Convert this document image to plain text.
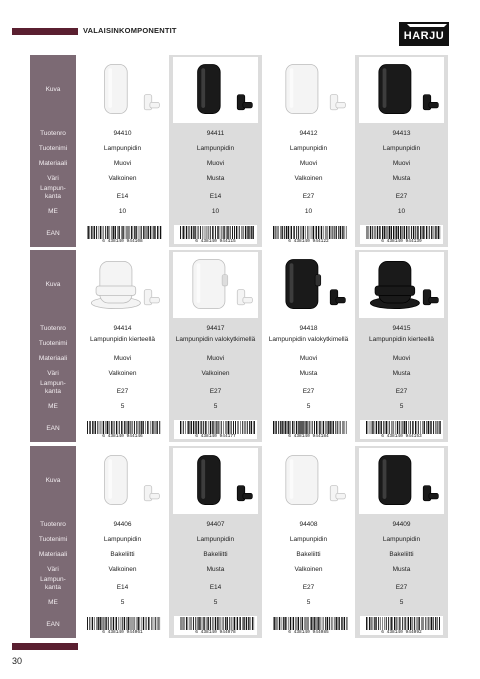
VALAISINKOMPONENTIT	HARJU
Kuva
Tuotenro
Tuotenimi
Materiaali
Väri
Lampun-
kanta
ME
EAN
94410
Lampunpidin
Muovi
Valkoinen
E14
10
6 438140 944108
94411
Lampunpidin
Muovi
Musta
E14
10
6 438140 944115
94412
Lampunpidin
Muovi
Valkoinen
E27
10
6 438140 944122
94413
Lampunpidin
Muovi
Musta
E27
10
6 438140 944139
Kuva
Tuotenro
Tuotenimi
Materiaali
Väri
Lampun-
kanta
ME
EAN
94414
Lampunpidin kierteellä
Muovi
Valkoinen
E27
5
6 438140 944146
94417
Lampunpidin valokytkimellä
Muovi
Valkoinen
E27
5
6 438140 944177
94418
Lampunpidin valokytkimellä
Muovi
Musta
E27
5
6 438140 944184
94415
Lampunpidin kierteellä
Muovi
Musta
E27
5
6 438140 944153
Kuva
Tuotenro
Tuotenimi
Materiaali
Väri
Lampun-
kanta
ME
EAN
94406
Lampunpidin
Bakeliitti
Valkoinen
E14
5
6 438140 944061
94407
Lampunpidin
Bakeliitti
Musta
E14
5
6 438140 944078
94408
Lampunpidin
Bakeliitti
Valkoinen
E27
5
6 438140 944085
94409
Lampunpidin
Bakeliitti
Musta
E27
5
6 438140 944092
30
